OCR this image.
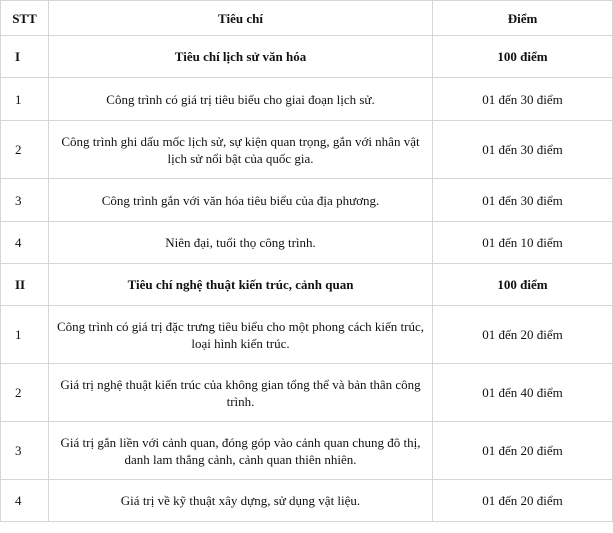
STT	Tiêu chí	Điểm
I	Tiêu chí lịch sử văn hóa	100 điểm
1	Công trình có giá trị tiêu biểu cho giai đoạn lịch sử.	01 đến 30 điểm
2	Công trình ghi dấu mốc lịch sử, sự kiện quan trọng, gắn với nhân vật lịch sử nổi bật của quốc gia.	01 đến 30 điểm
3	Công trình gắn với văn hóa tiêu biểu của địa phương.	01 đến 30 điểm
4	Niên đại, tuổi thọ công trình.	01 đến 10 điểm
II	Tiêu chí nghệ thuật kiến trúc, cảnh quan	100 điểm
1	Công trình có giá trị đặc trưng tiêu biểu cho một phong cách kiến trúc, loại hình kiến trúc.	01 đến 20 điểm
2	Giá trị nghệ thuật kiến trúc của không gian tổng thể và bản thân công trình.	01 đến 40 điểm
3	Giá trị gắn liền với cảnh quan, đóng góp vào cảnh quan chung đô thị, danh lam thắng cảnh, cảnh quan thiên nhiên.	01 đến 20 điểm
4	Giá trị về kỹ thuật xây dựng, sử dụng vật liệu.	01 đến 20 điểm
